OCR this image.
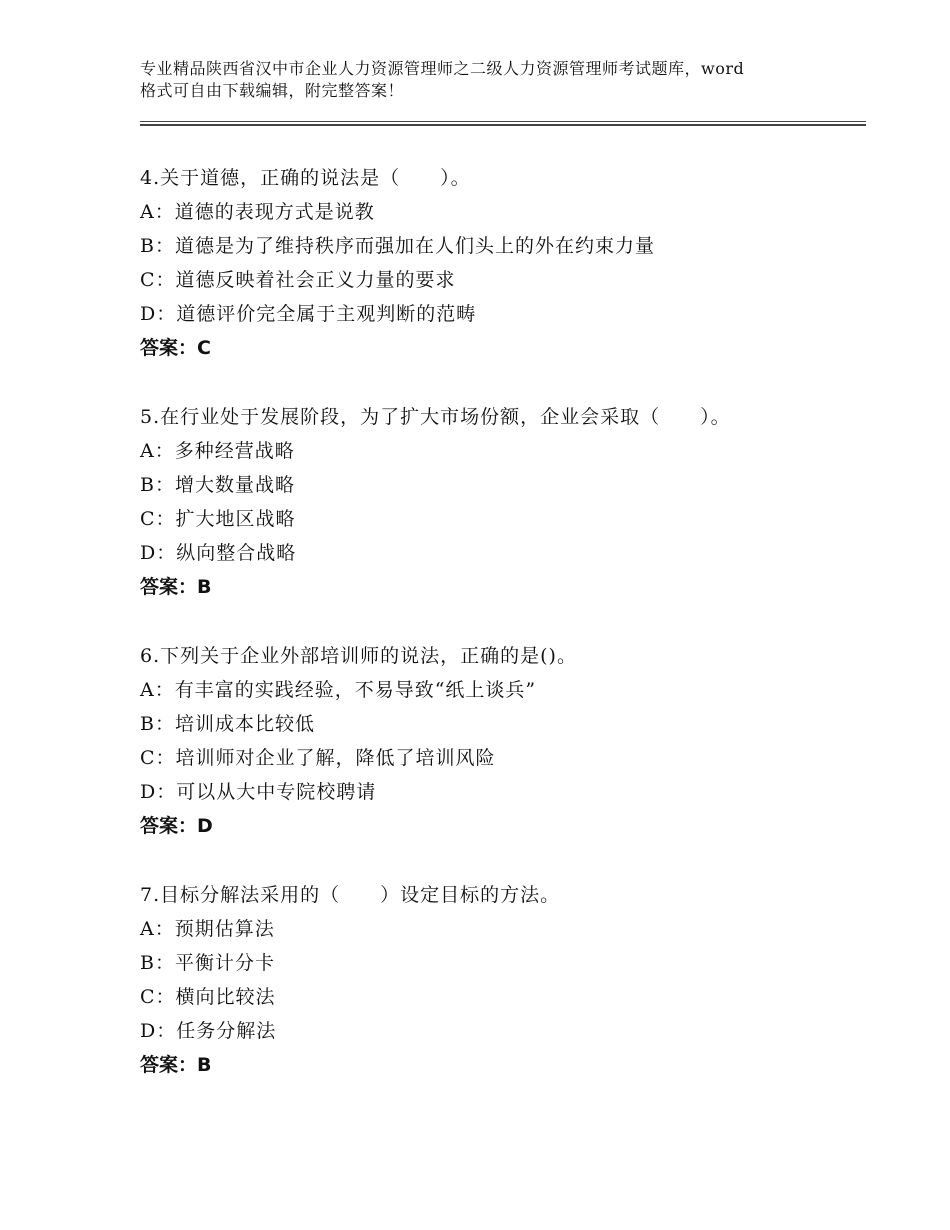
专业精品陕西省汉中市企业人力资源管理师之二级人力资源管理师考试题库，word
格式可自由下载编辑，附完整答案！
4.关于道德，正确的说法是（　　）。
A：道德的表现方式是说教
B：道德是为了维持秩序而强加在人们头上的外在约束力量
C：道德反映着社会正义力量的要求
D：道德评价完全属于主观判断的范畴
答案：C
5.在行业处于发展阶段，为了扩大市场份额，企业会采取（　　）。
A：多种经营战略
B：增大数量战略
C：扩大地区战略
D：纵向整合战略
答案：B
6.下列关于企业外部培训师的说法，正确的是()。
A：有丰富的实践经验，不易导致“纸上谈兵”
B：培训成本比较低
C：培训师对企业了解，降低了培训风险
D：可以从大中专院校聘请
答案：D
7.目标分解法采用的（　　）设定目标的方法。
A：预期估算法
B：平衡计分卡
C：横向比较法
D：任务分解法
答案：B
